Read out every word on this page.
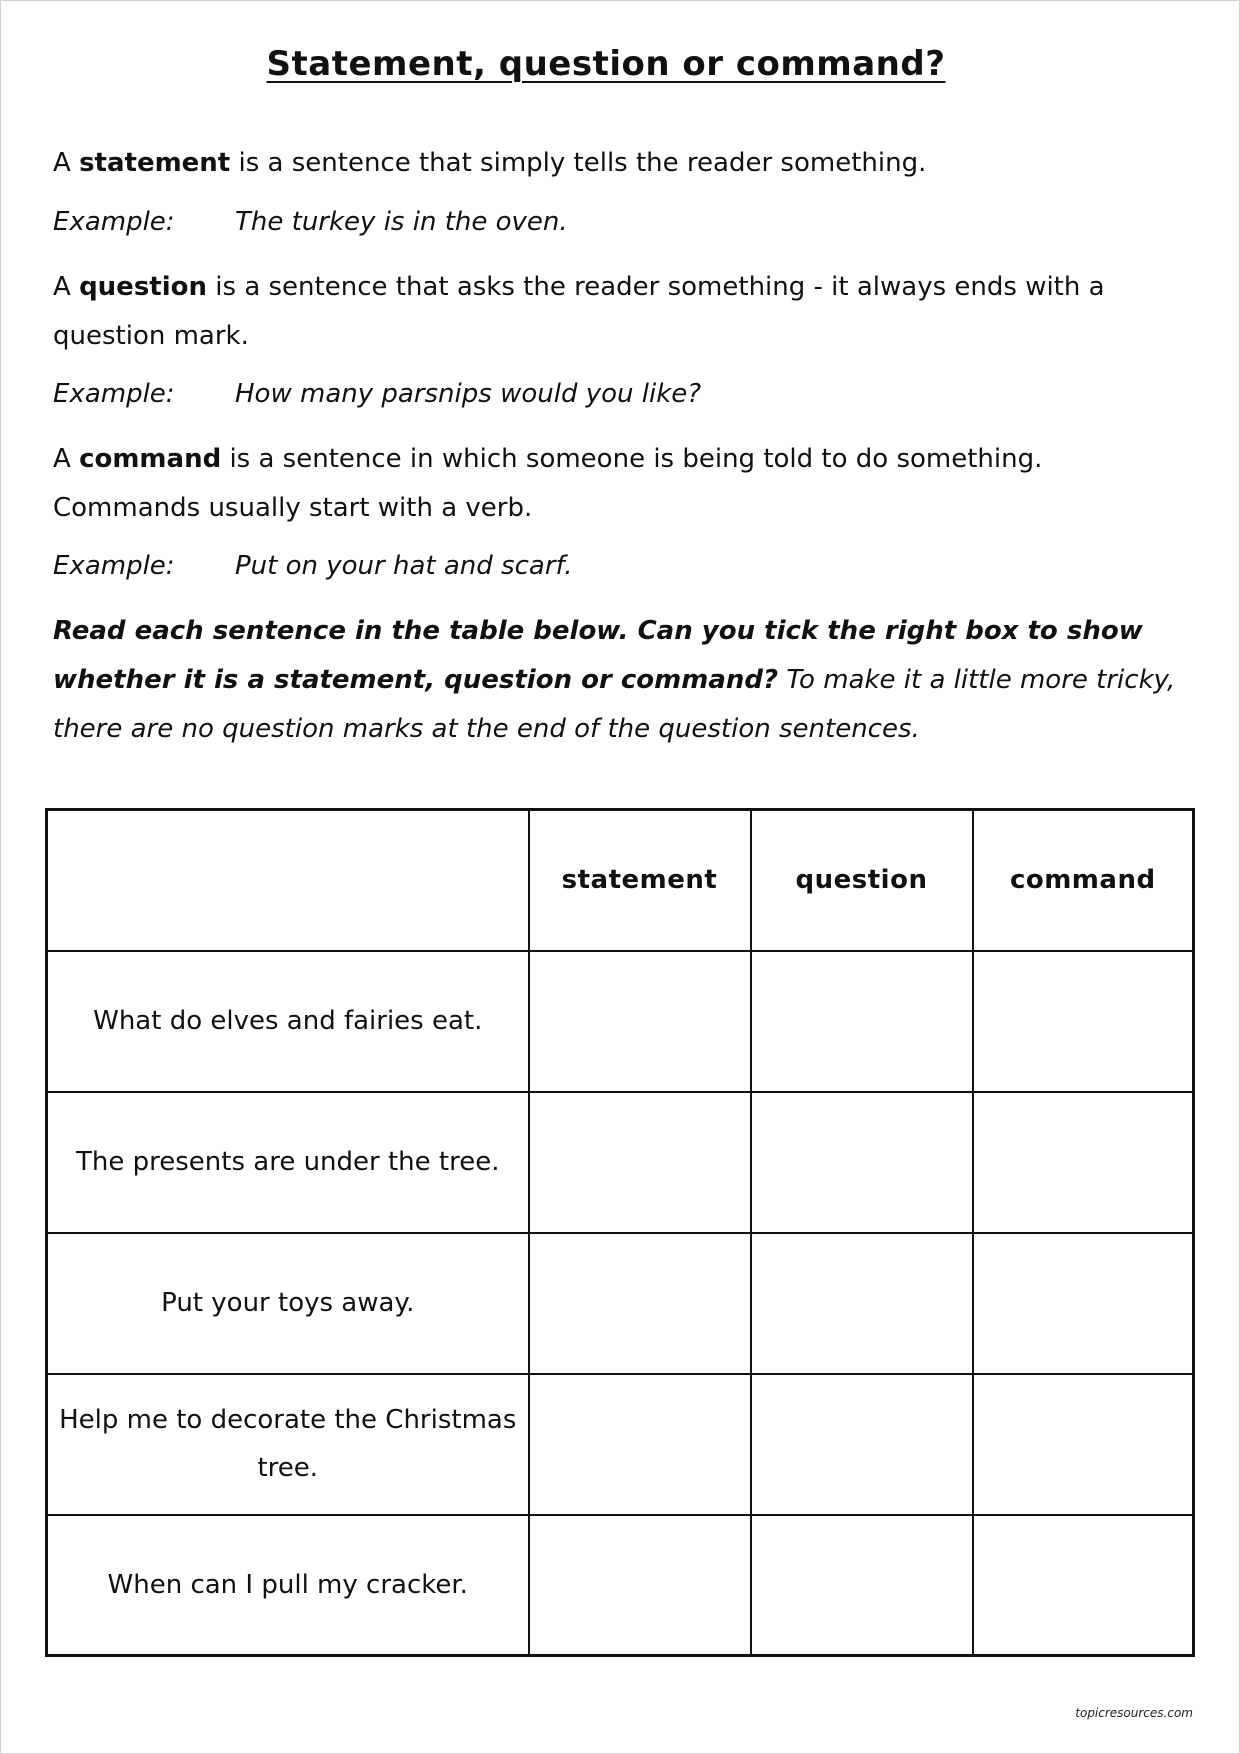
Statement, question or command?
A statement is a sentence that simply tells the reader something.
Example: The turkey is in the oven.
A question is a sentence that asks the reader something - it always ends with a question mark.
Example: How many parsnips would you like?
A command is a sentence in which someone is being told to do something. Commands usually start with a verb.
Example: Put on your hat and scarf.
Read each sentence in the table below. Can you tick the right box to show whether it is a statement, question or command? To make it a little more tricky, there are no question marks at the end of the question sentences.
	statement	question	command
What do elves and fairies eat.			
The presents are under the tree.			
Put your toys away.			
Help me to decorate the Christmas tree.			
When can I pull my cracker.			
topicresources.com
